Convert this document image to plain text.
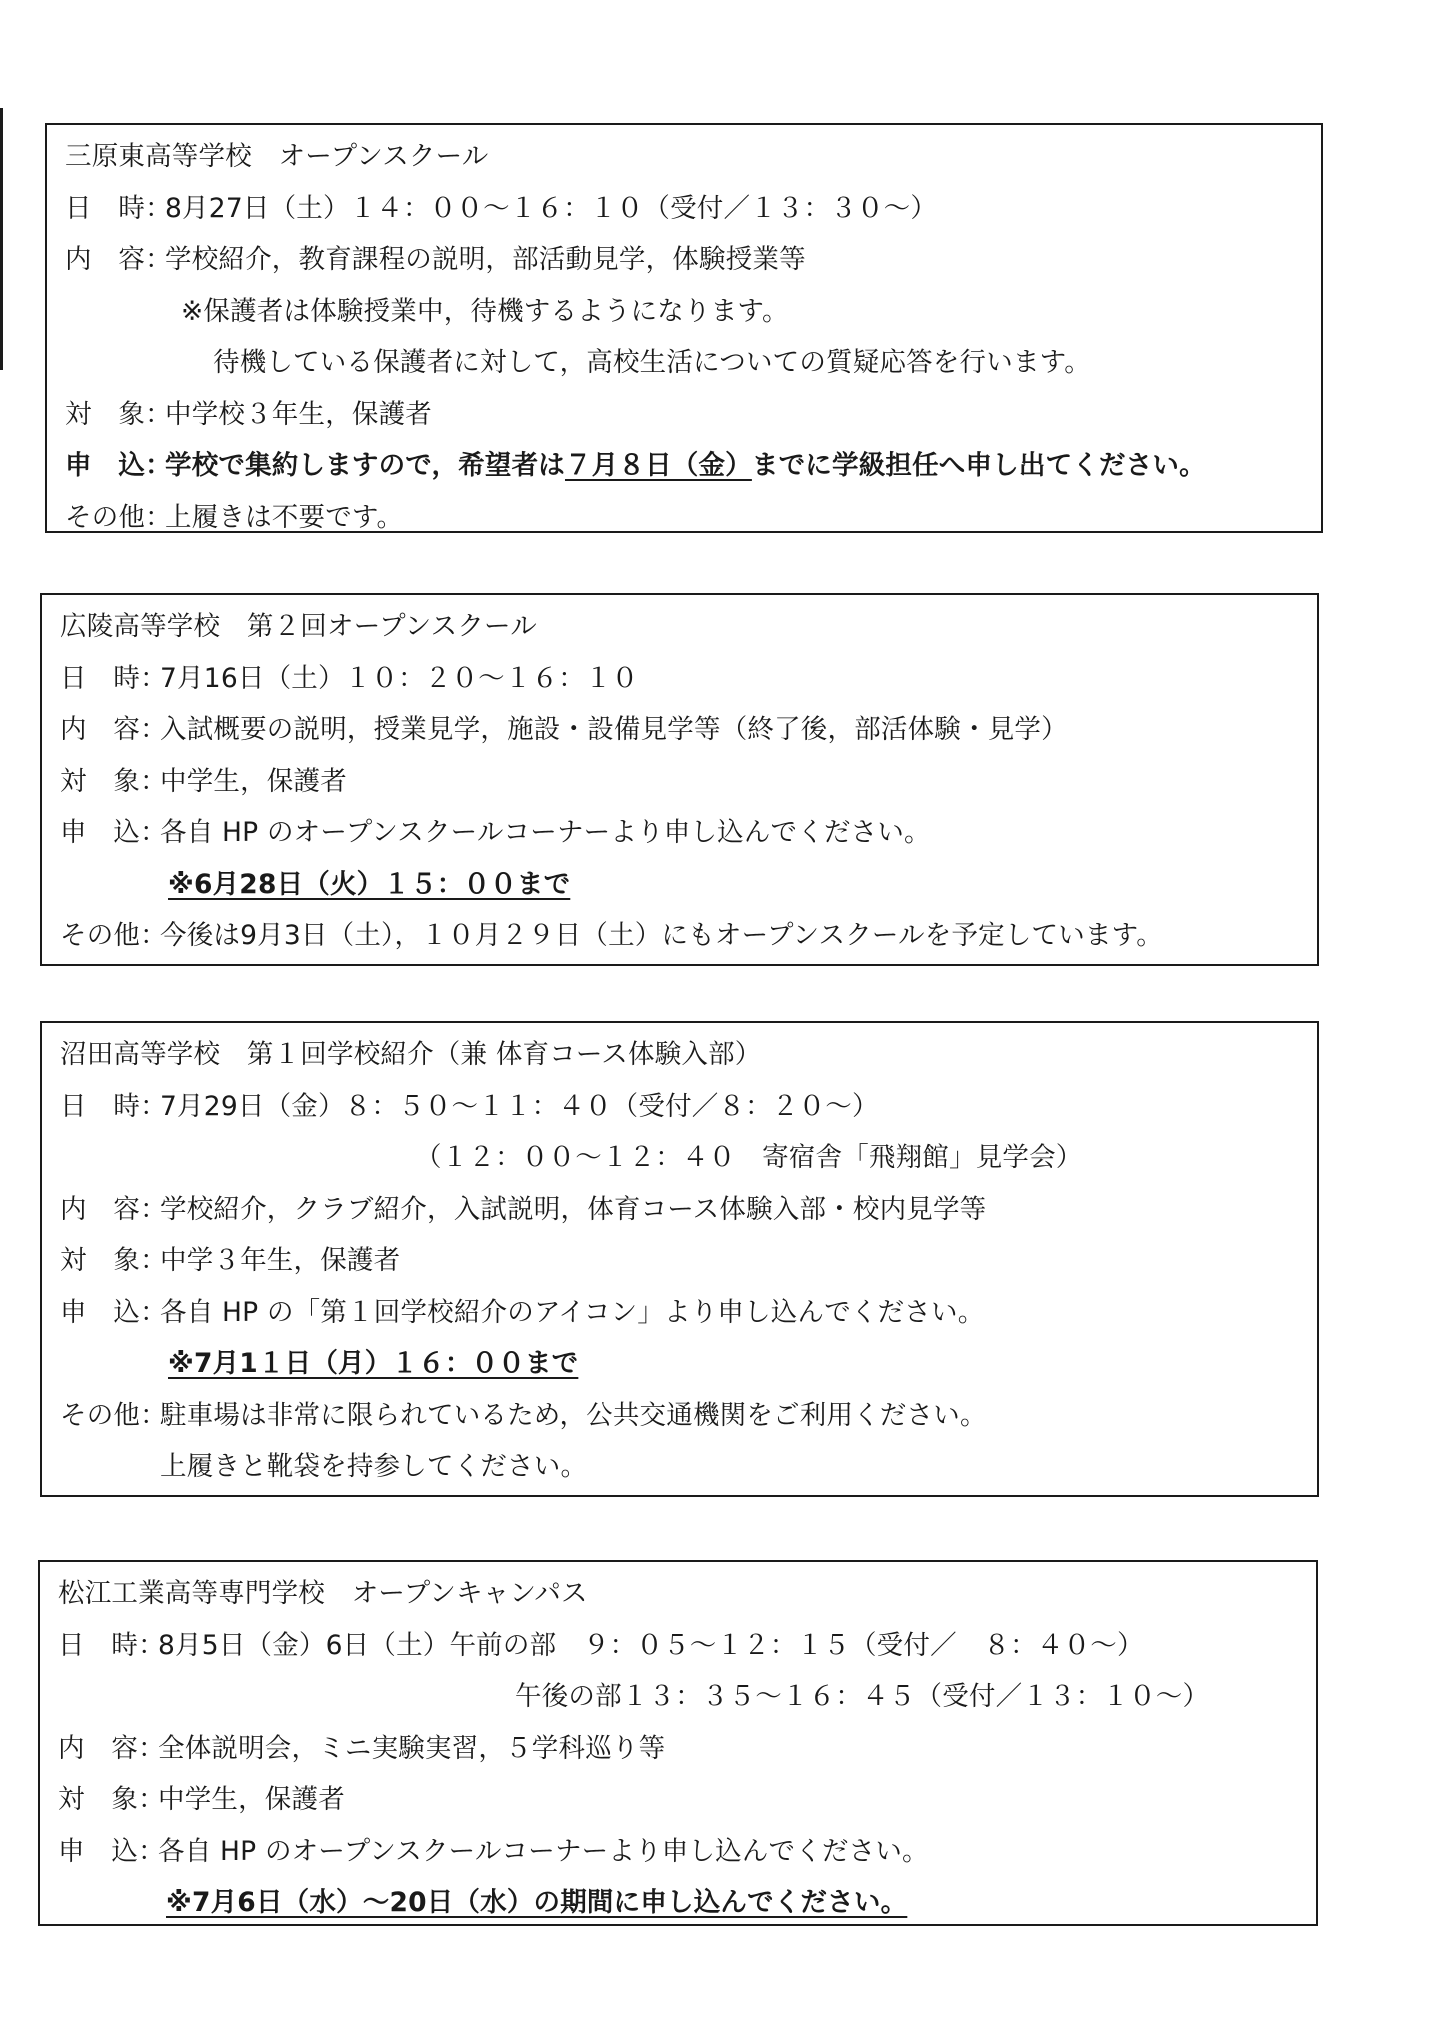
三原東高等学校　オープンスクール
日　時：8月27日（土）１４：００～１６：１０（受付／１３：３０～）
内　容：学校紹介，教育課程の説明，部活動見学，体験授業等
※保護者は体験授業中，待機するようになります。
待機している保護者に対して，高校生活についての質疑応答を行います。
対　象：中学校３年生，保護者
申　込：学校で集約しますので，希望者は７月８日（金）までに学級担任へ申し出てください。
その他：上履きは不要です。
広陵高等学校　第２回オープンスクール
日　時：7月16日（土）１０：２０～１６：１０
内　容：入試概要の説明，授業見学，施設・設備見学等（終了後，部活体験・見学）
対　象：中学生，保護者
申　込：各自 HP のオープンスクールコーナーより申し込んでください。
※6月28日（火）１５：００まで
その他：今後は9月3日（土），１０月２９日（土）にもオープンスクールを予定しています。
沼田高等学校　第１回学校紹介（兼 体育コース体験入部）
日　時：7月29日（金）８：５０～１１：４０（受付／８：２０～）
（１２：００～１２：４０　寄宿舎「飛翔館」見学会）
内　容：学校紹介，クラブ紹介，入試説明，体育コース体験入部・校内見学等
対　象：中学３年生，保護者
申　込：各自 HP の「第１回学校紹介のアイコン」より申し込んでください。
※7月1１日（月）１６：００まで
その他：駐車場は非常に限られているため，公共交通機関をご利用ください。
上履きと靴袋を持参してください。
松江工業高等専門学校　オープンキャンパス
日　時：8月5日（金）6日（土）午前の部　９：０５～１２：１５（受付／　８：４０～）
午後の部１３：３５～１６：４５（受付／１３：１０～）
内　容：全体説明会，ミニ実験実習，５学科巡り等
対　象：中学生，保護者
申　込：各自 HP のオープンスクールコーナーより申し込んでください。
※7月6日（水）～20日（水）の期間に申し込んでください。
